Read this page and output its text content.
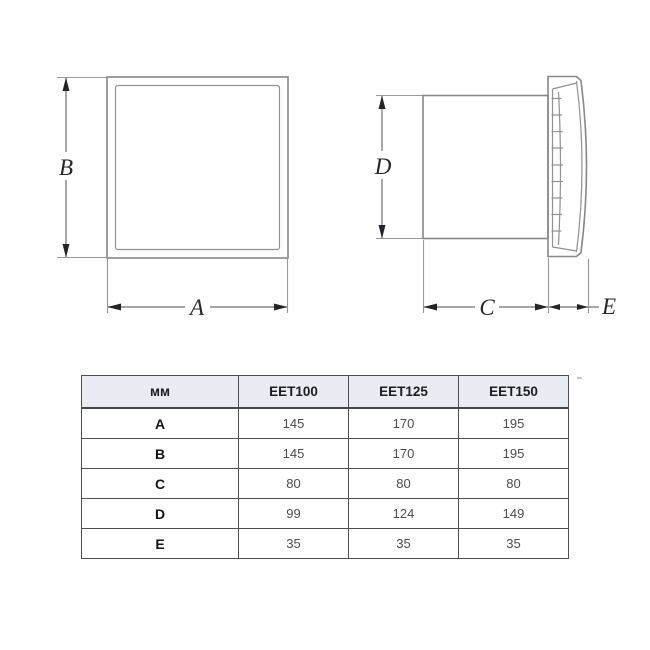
B
A
D
C	E
мм	EET100	EET125	EET150
A	145	170	195
B	145	170	195
C	80	80	80
D	99	124	149
E	35	35	35
